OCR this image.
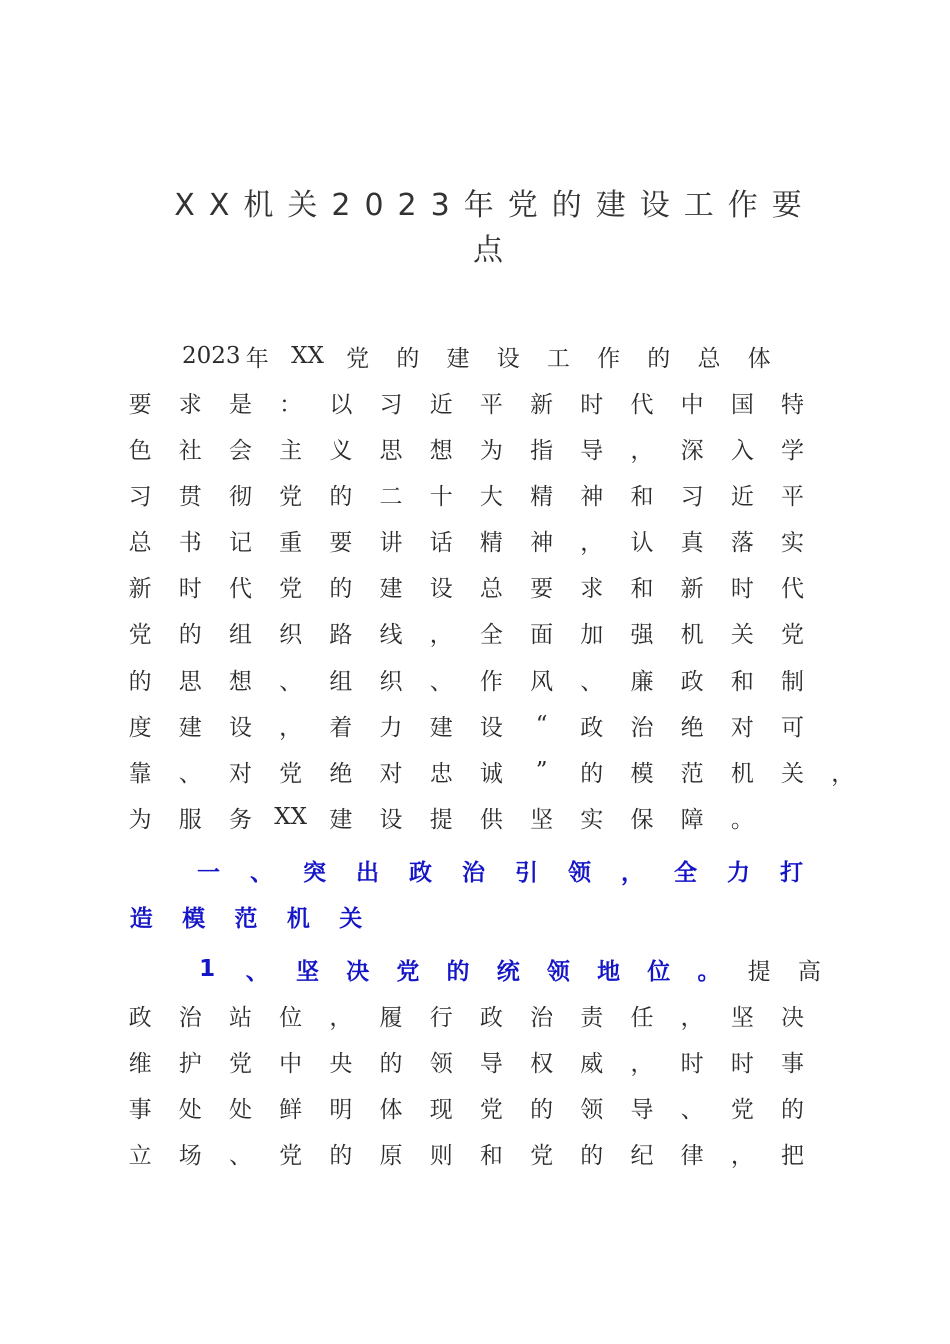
XX机关2023年党的建设工作要
点
2023 年 XX 党	的	建	设	工	作	的	总	体
要	求	是	：	以	习	近	平	新	时	代	中	国	特
色	社	会	主	义	思	想	为	指	导	，	深	入	学
习	贯	彻	党	的	二	十	大	精	神	和	习	近	平
总	书	记	重	要	讲	话	精	神	，	认	真	落	实
新	时	代	党	的	建	设	总	要	求	和	新	时	代
党	的	组	织	路	线	，	全	面	加	强	机	关	党
的	思	想	、	组	织	、	作	风	、	廉	政	和	制
度	建	设	，	着	力	建	设	“	政	治	绝	对	可
靠	、	对	党	绝	对	忠	诚	”	的	模	范	机	关	，
为	服	务 XX 建	设	提	供	坚	实	保	障	。
一	、	突	出	政	治	引	领	，	全	力	打
造	模	范	机	关
1	、	坚	决	党	的	统	领	地	位	。	提	高
政	治	站	位	，	履	行	政	治	责	任	，	坚	决
维	护	党	中	央	的	领	导	权	威	，	时	时	事
事	处	处	鲜	明	体	现	党	的	领	导	、	党	的
立	场	、	党	的	原	则	和	党	的	纪	律	，	把
